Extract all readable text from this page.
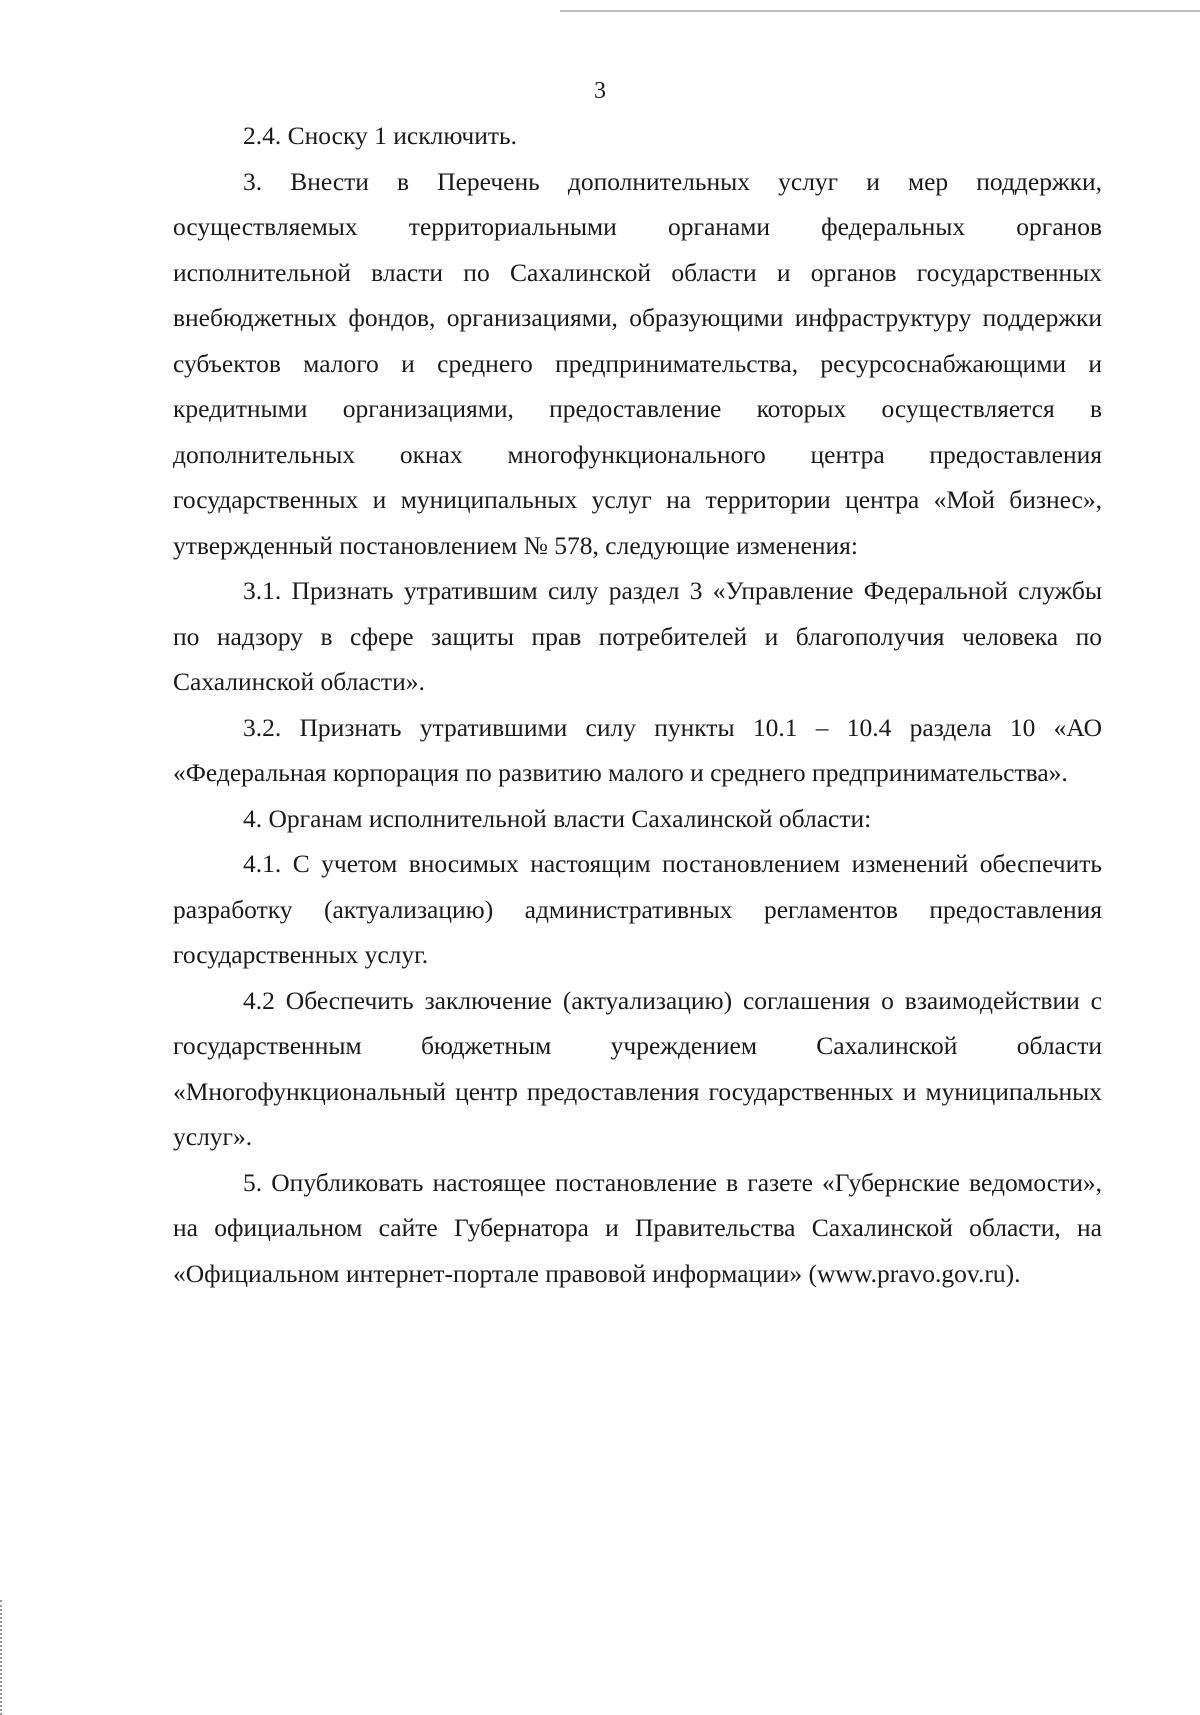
3

2.4. Сноску 1 исключить.

3. Внести в Перечень дополнительных услуг и мер поддержки, осуществляемых территориальными органами федеральных органов исполнительной власти по Сахалинской области и органов государственных внебюджетных фондов, организациями, образующими инфраструктуру поддержки субъектов малого и среднего предпринимательства, ресурсоснабжающими и кредитными организациями, предоставление которых осуществляется в дополнительных окнах многофункционального центра предоставления государственных и муниципальных услуг на территории центра «Мой бизнес», утвержденный постановлением № 578, следующие изменения:

3.1. Признать утратившим силу раздел 3 «Управление Федеральной службы по надзору в сфере защиты прав потребителей и благополучия человека по Сахалинской области».

3.2. Признать утратившими силу пункты 10.1 – 10.4 раздела 10 «АО «Федеральная корпорация по развитию малого и среднего предпринимательства».

4. Органам исполнительной власти Сахалинской области:

4.1. С учетом вносимых настоящим постановлением изменений обеспечить разработку (актуализацию) административных регламентов предоставления государственных услуг.

4.2 Обеспечить заключение (актуализацию) соглашения о взаимодействии с государственным бюджетным учреждением Сахалинской области «Многофункциональный центр предоставления государственных и муниципальных услуг».

5. Опубликовать настоящее постановление в газете «Губернские ведомости», на официальном сайте Губернатора и Правительства Сахалинской области, на «Официальном интернет-портале правовой информации» (www.pravo.gov.ru).
